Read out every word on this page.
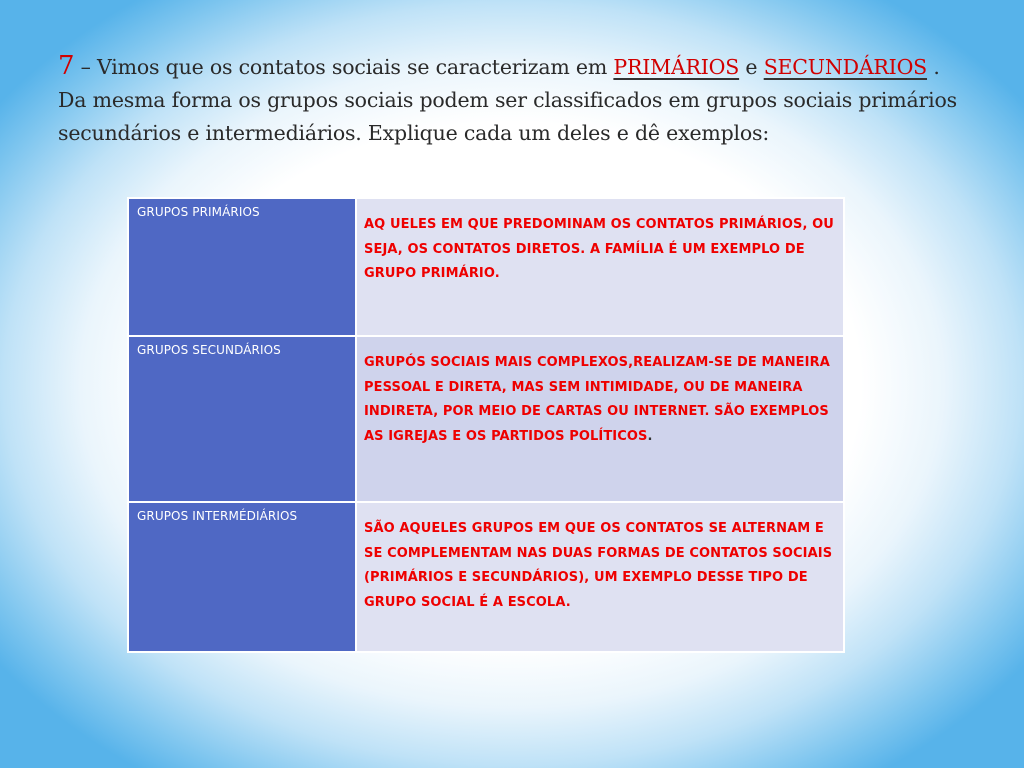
7 – Vimos que os contatos sociais se caracterizam em PRIMÁRIOS e SECUNDÁRIOS . Da mesma forma os grupos sociais podem ser classificados em grupos sociais primários secundários e intermediários. Explique cada um deles e dê exemplos:
GRUPOS PRIMÁRIOS	AQ UELES EM QUE PREDOMINAM OS CONTATOS PRIMÁRIOS, OU SEJA, OS CONTATOS DIRETOS. A FAMÍLIA É UM EXEMPLO DE GRUPO PRIMÁRIO.
GRUPOS SECUNDÁRIOS	GRUPÓS SOCIAIS MAIS COMPLEXOS,REALIZAM-SE DE MANEIRA PESSOAL E DIRETA, MAS SEM INTIMIDADE, OU DE MANEIRA INDIRETA, POR MEIO DE CARTAS OU INTERNET. SÃO EXEMPLOS AS IGREJAS E OS PARTIDOS POLÍTICOS.
GRUPOS INTERMÉDIÁRIOS	SÃO AQUELES GRUPOS EM QUE OS CONTATOS SE ALTERNAM E SE COMPLEMENTAM NAS DUAS FORMAS DE CONTATOS SOCIAIS (PRIMÁRIOS E SECUNDÁRIOS), UM EXEMPLO DESSE TIPO DE GRUPO SOCIAL É A ESCOLA.
